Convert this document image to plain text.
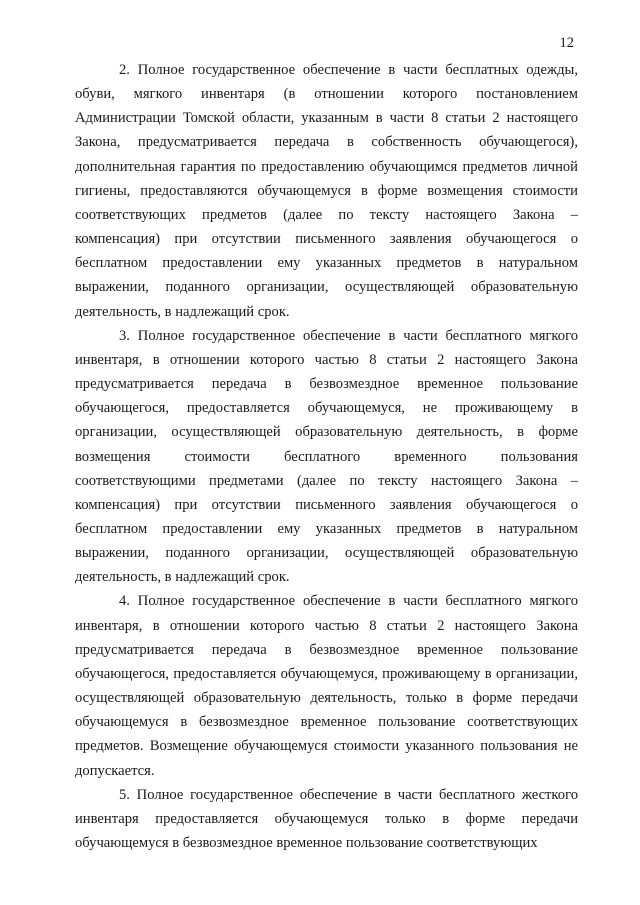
12

2. Полное государственное обеспечение в части бесплатных одежды, обуви, мягкого инвентаря (в отношении которого постановлением Администрации Томской области, указанным в части 8 статьи 2 настоящего Закона, предусматривается передача в собственность обучающегося), дополнительная гарантия по предоставлению обучающимся предметов личной гигиены, предоставляются обучающемуся в форме возмещения стоимости соответствующих предметов (далее по тексту настоящего Закона – компенсация) при отсутствии письменного заявления обучающегося о бесплатном предоставлении ему указанных предметов в натуральном выражении, поданного организации, осуществляющей образовательную деятельность, в надлежащий срок.

3. Полное государственное обеспечение в части бесплатного мягкого инвентаря, в отношении которого частью 8 статьи 2 настоящего Закона предусматривается передача в безвозмездное временное пользование обучающегося, предоставляется обучающемуся, не проживающему в организации, осуществляющей образовательную деятельность, в форме возмещения стоимости бесплатного временного пользования соответствующими предметами (далее по тексту настоящего Закона – компенсация) при отсутствии письменного заявления обучающегося о бесплатном предоставлении ему указанных предметов в натуральном выражении, поданного организации, осуществляющей образовательную деятельность, в надлежащий срок.

4. Полное государственное обеспечение в части бесплатного мягкого инвентаря, в отношении которого частью 8 статьи 2 настоящего Закона предусматривается передача в безвозмездное временное пользование обучающегося, предоставляется обучающемуся, проживающему в организации, осуществляющей образовательную деятельность, только в форме передачи обучающемуся в безвозмездное временное пользование соответствующих предметов. Возмещение обучающемуся стоимости указанного пользования не допускается.

5. Полное государственное обеспечение в части бесплатного жесткого инвентаря предоставляется обучающемуся только в форме передачи обучающемуся в безвозмездное временное пользование соответствующих
